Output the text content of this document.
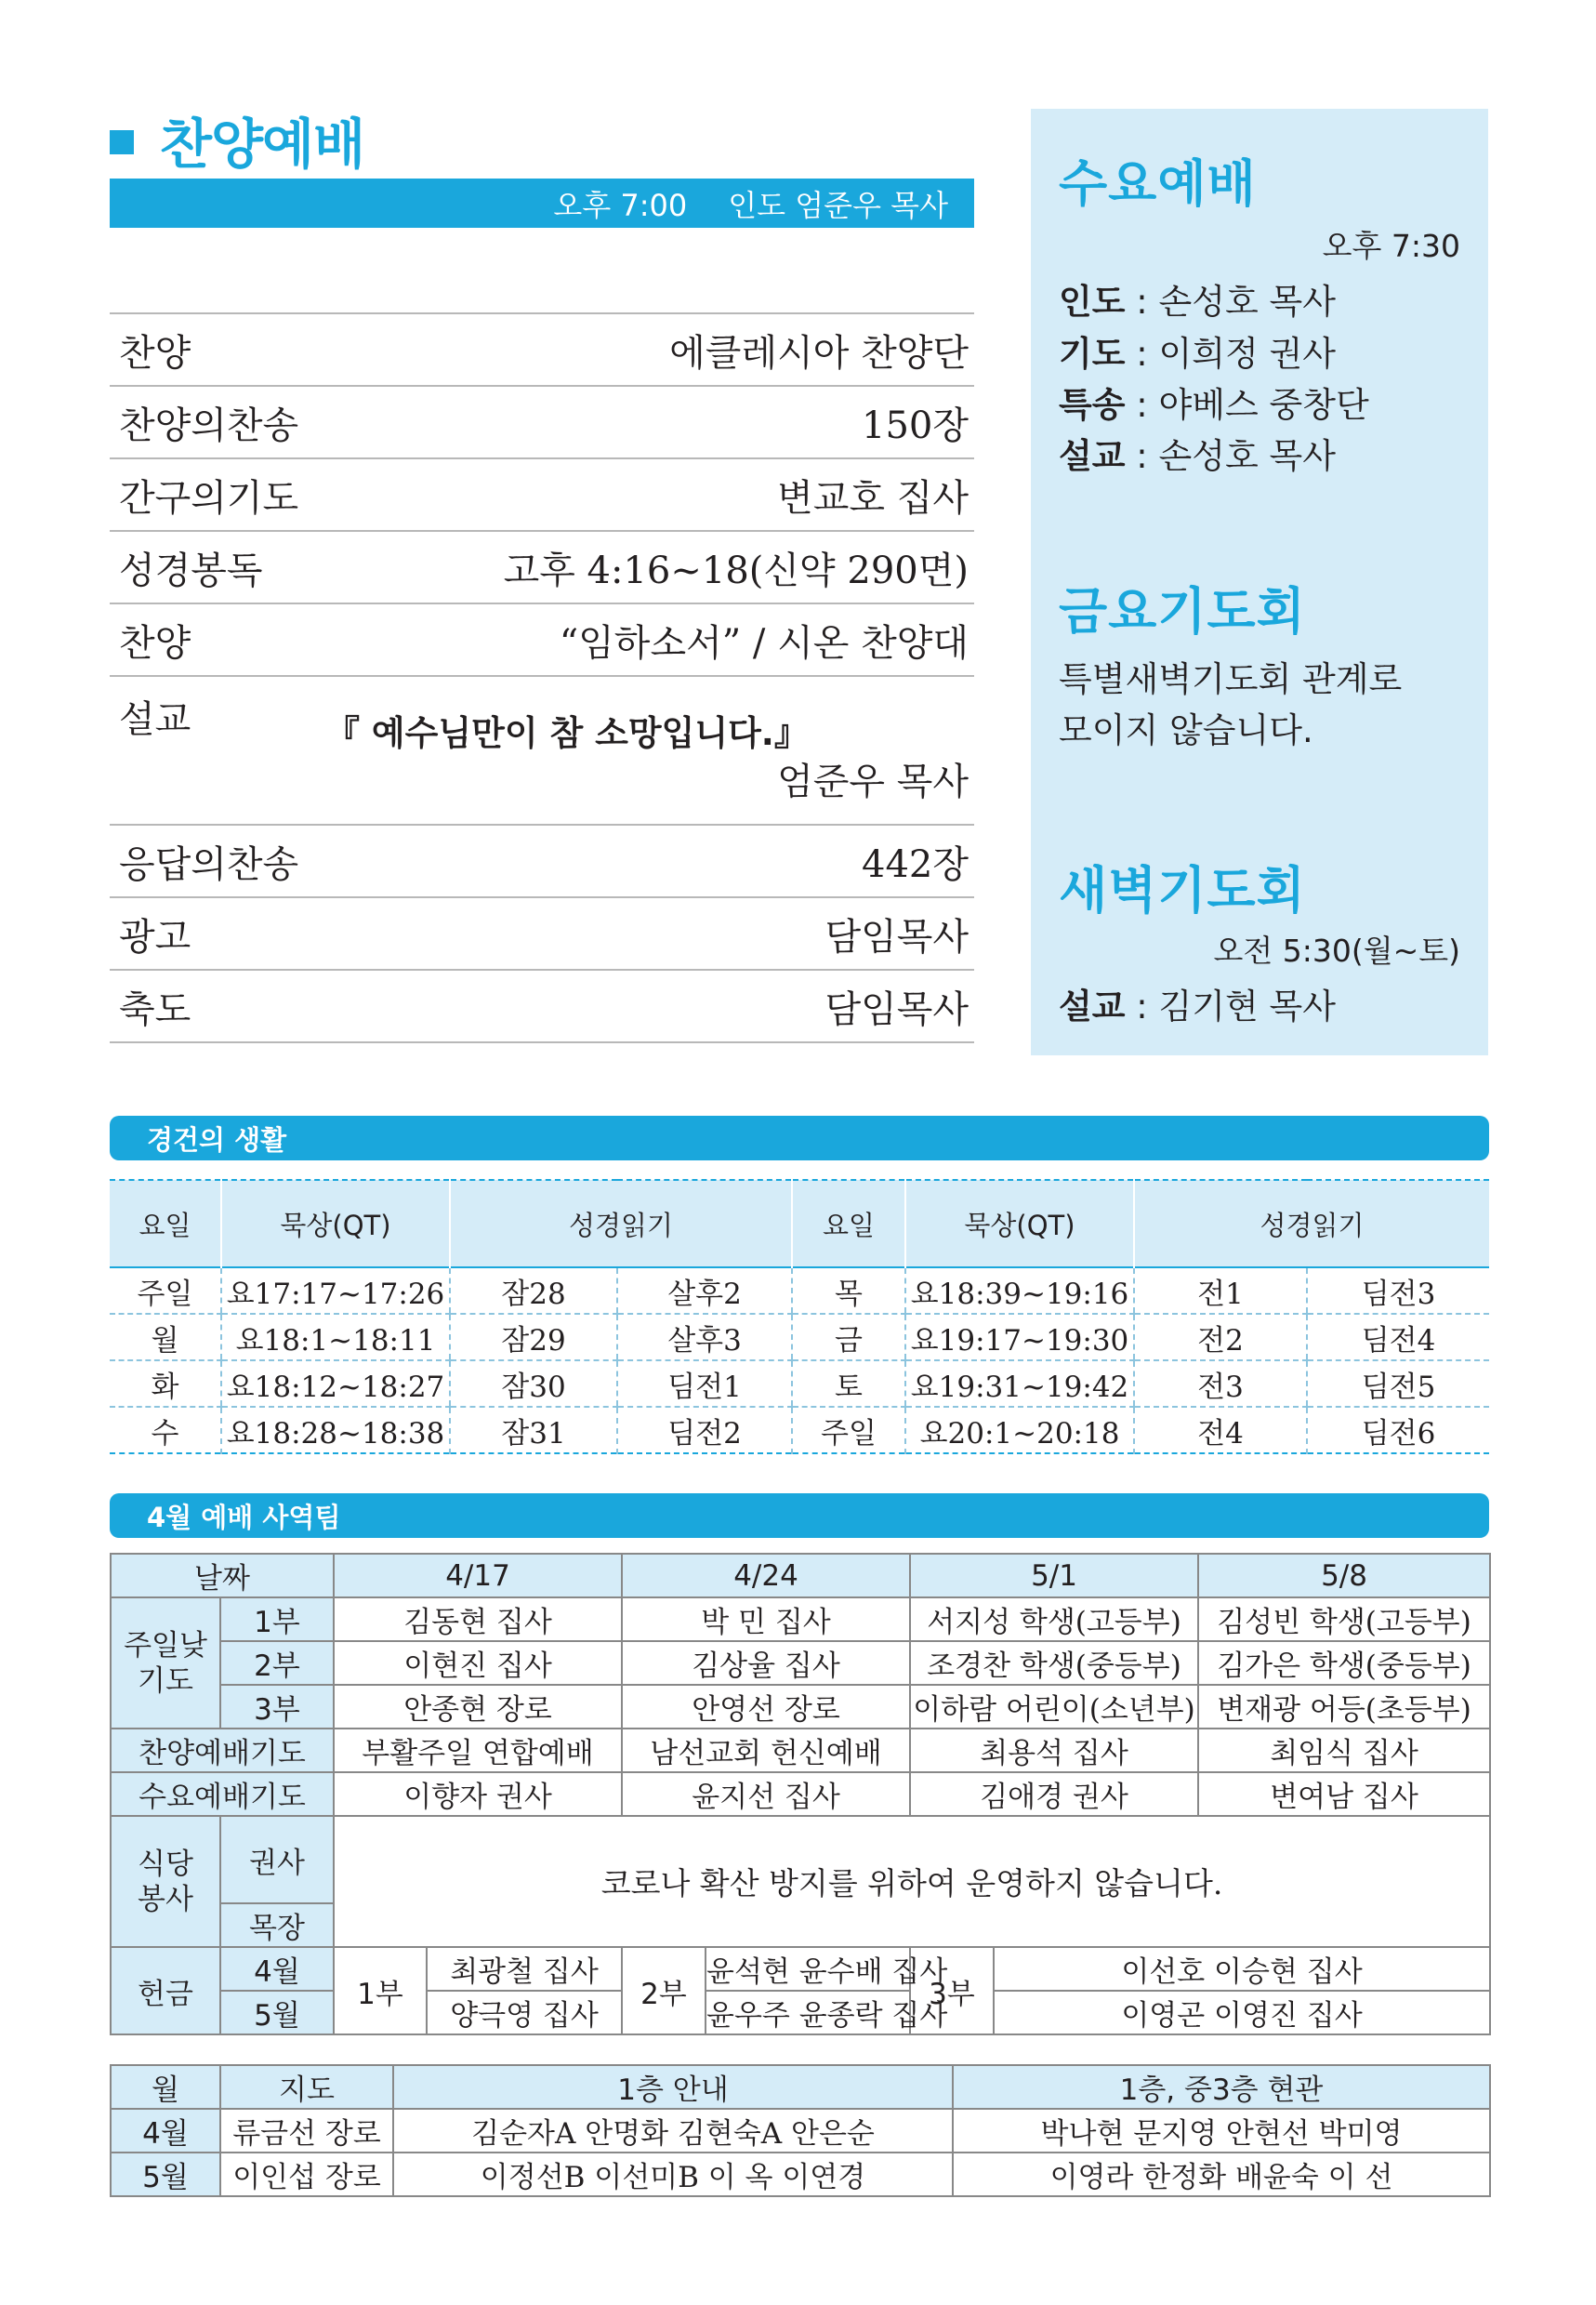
찬양예배
오후 7:00 인도 엄준우 목사
찬양	에클레시아 찬양단
찬양의찬송	150장
간구의기도	변교호 집사
성경봉독	고후 4:16~18(신약 290면)
찬양	“임하소서” / 시온 찬양대
설교	『 예수님만이 참 소망입니다.』
엄준우 목사
응답의찬송	442장
광고	담임목사
축도	담임목사
수요예배
오후 7:30
인도 : 손성호 목사
기도 : 이희정 권사
특송 : 야베스 중창단
설교 : 손성호 목사
금요기도회
특별새벽기도회 관계로
모이지 않습니다.
새벽기도회
오전 5:30(월~토)
설교 : 김기현 목사
경건의 생활
요일	묵상(QT)	성경읽기		요일	묵상(QT)	성경읽기	
주일	요17:17~17:26	잠28	살후2	목	요18:39~19:16	전1	딤전3
월	요18:1~18:11	잠29	살후3	금	요19:17~19:30	전2	딤전4
화	요18:12~18:27	잠30	딤전1	토	요19:31~19:42	전3	딤전5
수	요18:28~18:38	잠31	딤전2	주일	요20:1~20:18	전4	딤전6
4월 예배 사역팀
날짜		4/17		4/24		5/1		5/8
주일낮
기도	1부	김동현 집사		박 민 집사		서지성 학생(고등부)		김성빈 학생(고등부)
	2부	이현진 집사		김상율 집사		조경찬 학생(중등부)		김가은 학생(중등부)
	3부	안종현 장로		안영선 장로		이하람 어린이(소년부)		변재광 어등(초등부)
찬양예배기도		부활주일 연합예배		남선교회 헌신예배		최용석 집사		최임식 집사
수요예배기도		이향자 권사		윤지선 집사		김애경 권사		변여남 집사
식당
봉사	권사	코로나 확산 방지를 위하여 운영하지 않습니다.						
	목장							
헌금	4월	1부	최광철 집사	2부	윤석현 윤수배 집사	3부	이선호 이승현 집사	
	5월		양극영 집사		윤우주 윤종락 집사		이영곤 이영진 집사	
월	지도	1층 안내	1층, 중3층 현관
4월	류금선 장로	김순자A 안명화 김현숙A 안은순	박나현 문지영 안현선 박미영
5월	이인섭 장로	이정선B 이선미B 이 옥 이연경	이영라 한정화 배윤숙 이 선
